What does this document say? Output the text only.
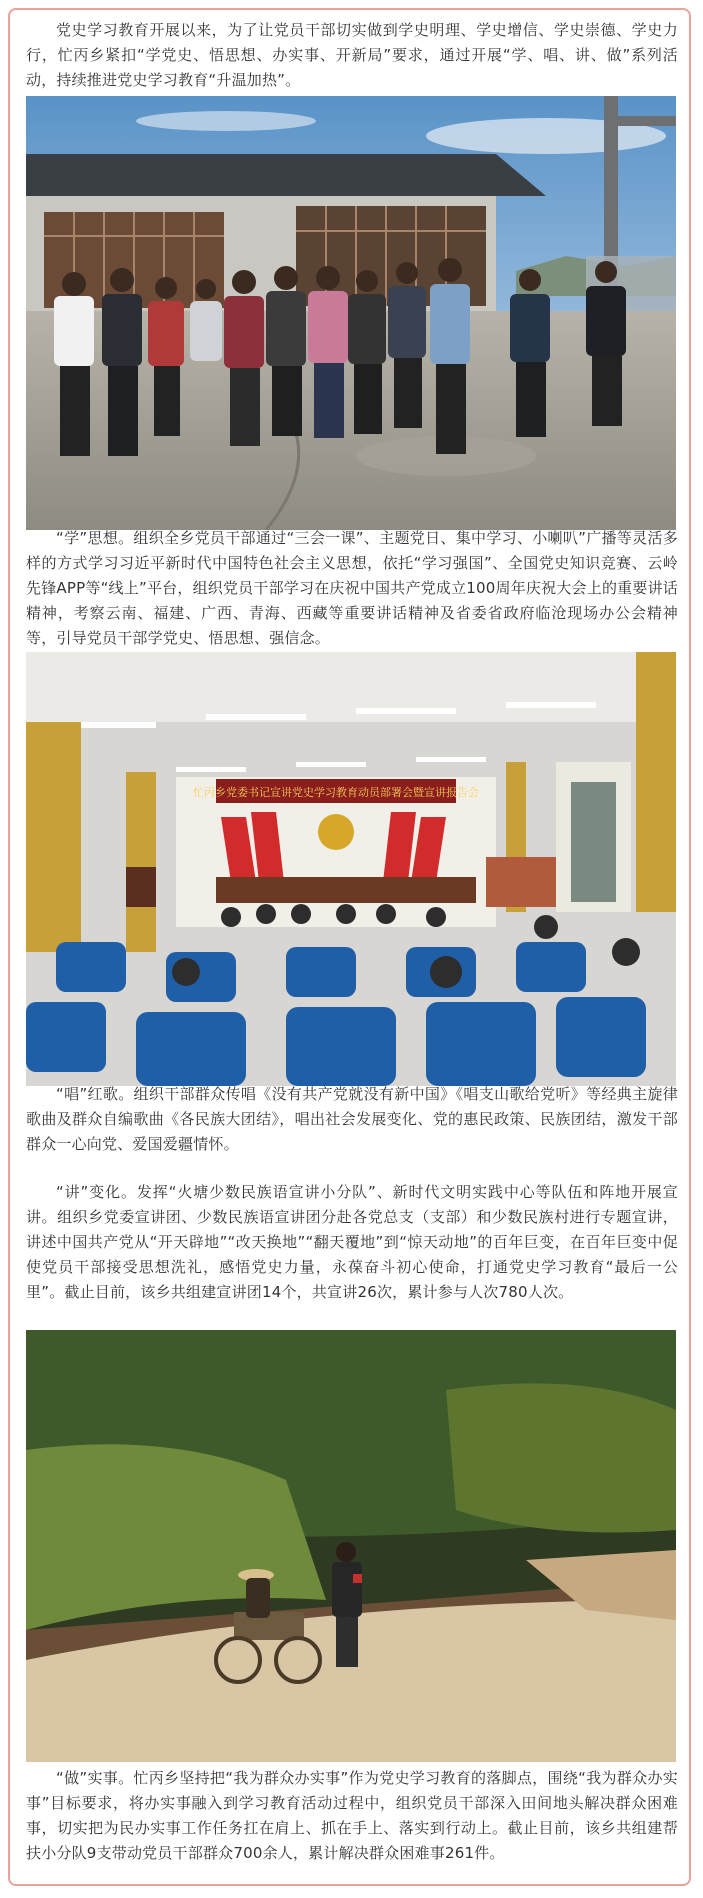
党史学习教育开展以来，为了让党员干部切实做到学史明理、学史增信、学史崇德、学史力行，忙丙乡紧扣“学党史、悟思想、办实事、开新局”要求，通过开展“学、唱、讲、做”系列活动，持续推进党史学习教育“升温加热”。

“学”思想。组织全乡党员干部通过“三会一课”、主题党日、集中学习、小喇叭”广播等灵活多样的方式学习习近平新时代中国特色社会主义思想，依托“学习强国”、全国党史知识竞赛、云岭先锋APP等“线上”平台，组织党员干部学习在庆祝中国共产党成立100周年庆祝大会上的重要讲话精神，考察云南、福建、广西、青海、西藏等重要讲话精神及省委省政府临沧现场办公会精神等，引导党员干部学党史、悟思想、强信念。

忙丙乡党委书记宣讲党史学习教育动员部署会暨宣讲报告会

“唱”红歌。组织干部群众传唱《没有共产党就没有新中国》《唱支山歌给党听》等经典主旋律歌曲及群众自编歌曲《各民族大团结》，唱出社会发展变化、党的惠民政策、民族团结，激发干部群众一心向党、爱国爱疆情怀。

“讲”变化。发挥“火塘少数民族语宣讲小分队”、新时代文明实践中心等队伍和阵地开展宣讲。组织乡党委宣讲团、少数民族语宣讲团分赴各党总支（支部）和少数民族村进行专题宣讲，讲述中国共产党从“开天辟地”“改天换地”“翻天覆地”到“惊天动地”的百年巨变，在百年巨变中促使党员干部接受思想洗礼，感悟党史力量，永葆奋斗初心使命，打通党史学习教育“最后一公里”。截止目前，该乡共组建宣讲团14个，共宣讲26次，累计参与人次780人次。

“做”实事。忙丙乡坚持把“我为群众办实事”作为党史学习教育的落脚点，围绕“我为群众办实事”目标要求，将办实事融入到学习教育活动过程中，组织党员干部深入田间地头解决群众困难事，切实把为民办实事工作任务扛在肩上、抓在手上、落实到行动上。截止目前，该乡共组建帮扶小分队9支带动党员干部群众700余人，累计解决群众困难事261件。
